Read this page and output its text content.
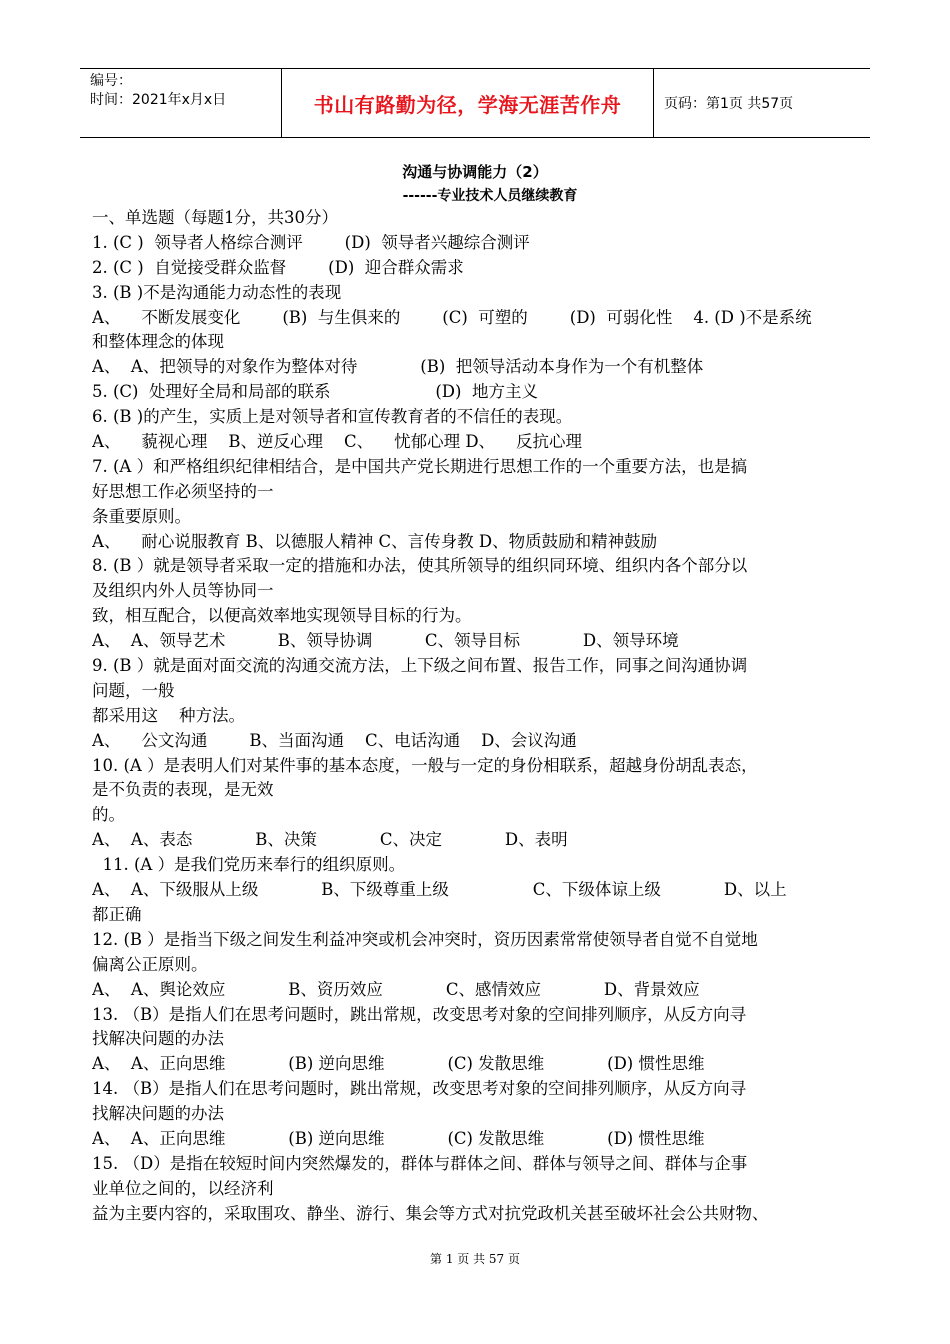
编号：
时间：2021年x月x日	书山有路勤为径，学海无涯苦作舟	页码：第1页 共57页
沟通与协调能力（2）
------专业技术人员继续教育
一、单选题（每题1分，共30分）
1. (C )  领导者人格综合测评        (D)  领导者兴趣综合测评
2. (C )  自觉接受群众监督        (D)  迎合群众需求
3. (B )不是沟通能力动态性的表现
A、    不断发展变化        (B)  与生俱来的        (C)  可塑的        (D)  可弱化性    4. (D )不是系统
和整体理念的体现
A、  A、把领导的对象作为整体对待            (B)  把领导活动本身作为一个有机整体
5. (C)  处理好全局和局部的联系                    (D)  地方主义
6. (B )的产生，实质上是对领导者和宣传教育者的不信任的表现。
A、    藐视心理    B、逆反心理    C、    忧郁心理 D、    反抗心理
7. (A ）和严格组织纪律相结合，是中国共产党长期进行思想工作的一个重要方法，也是搞
好思想工作必须坚持的一
条重要原则。
A、    耐心说服教育 B、以德服人精神 C、言传身教 D、物质鼓励和精神鼓励
8. (B ）就是领导者采取一定的措施和办法，使其所领导的组织同环境、组织内各个部分以
及组织内外人员等协同一
致，相互配合，以便高效率地实现领导目标的行为。
A、  A、领导艺术          B、领导协调          C、领导目标            D、领导环境
9. (B ）就是面对面交流的沟通交流方法，上下级之间布置、报告工作，同事之间沟通协调
问题，一般
都采用这    种方法。
A、    公文沟通        B、当面沟通    C、电话沟通    D、会议沟通
10. (A ）是表明人们对某件事的基本态度，一般与一定的身份相联系，超越身份胡乱表态，
是不负责的表现，是无效
的。
A、  A、表态            B、决策            C、决定            D、表明
11. (A ）是我们党历来奉行的组织原则。
A、  A、下级服从上级            B、下级尊重上级                C、下级体谅上级            D、以上
都正确
12. (B ）是指当下级之间发生利益冲突或机会冲突时，资历因素常常使领导者自觉不自觉地
偏离公正原则。
A、  A、舆论效应            B、资历效应            C、感情效应            D、背景效应
13. （B）是指人们在思考问题时，跳出常规，改变思考对象的空间排列顺序，从反方向寻
找解决问题的办法
A、  A、正向思维            (B) 逆向思维            (C) 发散思维            (D) 惯性思维
14. （B）是指人们在思考问题时，跳出常规，改变思考对象的空间排列顺序，从反方向寻
找解决问题的办法
A、  A、正向思维            (B) 逆向思维            (C) 发散思维            (D) 惯性思维
15. （D）是指在较短时间内突然爆发的，群体与群体之间、群体与领导之间、群体与企事
业单位之间的，以经济利
益为主要内容的，采取围攻、静坐、游行、集会等方式对抗党政机关甚至破坏社会公共财物、
第 1 页 共 57 页
